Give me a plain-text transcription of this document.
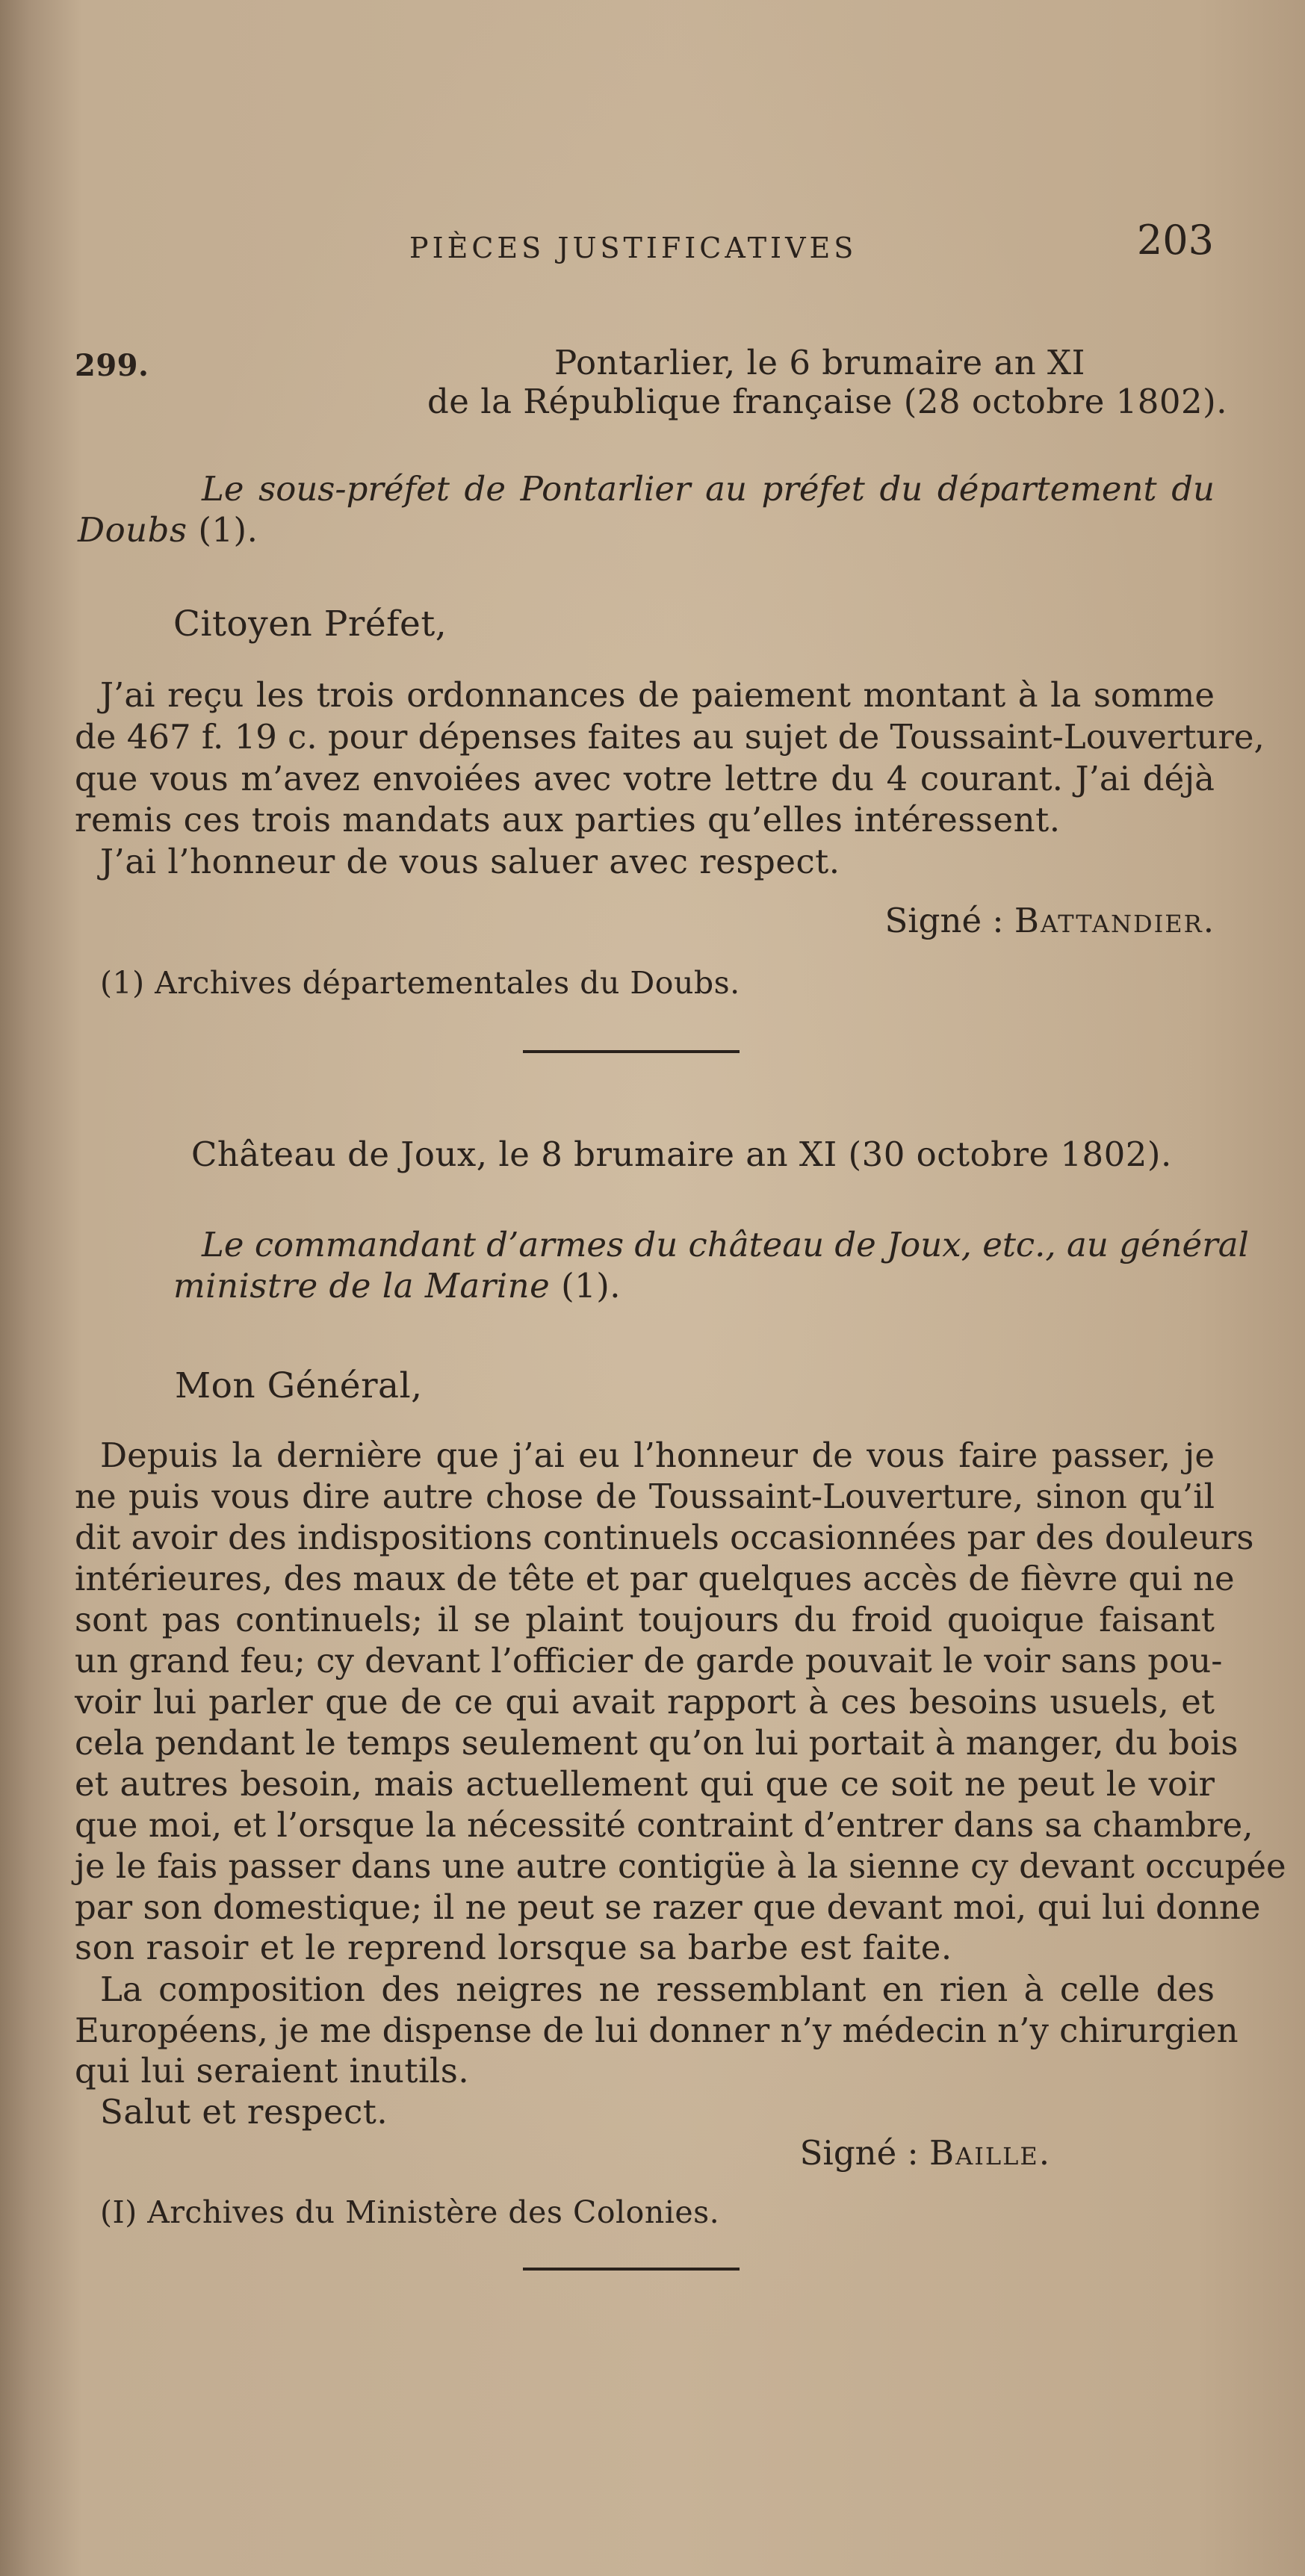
PIÈCES JUSTIFICATIVES	203
299.	Pontarlier, le 6 brumaire an XI
de la République française (28 octobre 1802).
Le sous-préfet de Pontarlier au préfet du département du
Doubs (1).
Citoyen Préfet,
J’ai reçu les trois ordonnances de paiement montant à la somme
de 467 f. 19 c. pour dépenses faites au sujet de Toussaint-Louverture,
que vous m’avez envoiées avec votre lettre du 4 courant. J’ai déjà
remis ces trois mandats aux parties qu’elles intéressent.
J’ai l’honneur de vous saluer avec respect.
Signé : Battandier.
(1) Archives départementales du Doubs.
Château de Joux, le 8 brumaire an XI (30 octobre 1802).
Le commandant d’armes du château de Joux, etc., au général
ministre de la Marine (1).
Mon Général,
Depuis la dernière que j’ai eu l’honneur de vous faire passer, je
ne puis vous dire autre chose de Toussaint-Louverture, sinon qu’il
dit avoir des indispositions continuels occasionnées par des douleurs
intérieures, des maux de tête et par quelques accès de fièvre qui ne
sont pas continuels; il se plaint toujours du froid quoique faisant
un grand feu; cy devant l’officier de garde pouvait le voir sans pou-
voir lui parler que de ce qui avait rapport à ces besoins usuels, et
cela pendant le temps seulement qu’on lui portait à manger, du bois
et autres besoin, mais actuellement qui que ce soit ne peut le voir
que moi, et l’orsque la nécessité contraint d’entrer dans sa chambre,
je le fais passer dans une autre contigüe à la sienne cy devant occupée
par son domestique; il ne peut se razer que devant moi, qui lui donne
son rasoir et le reprend lorsque sa barbe est faite.
La composition des neigres ne ressemblant en rien à celle des
Européens, je me dispense de lui donner n’y médecin n’y chirurgien
qui lui seraient inutils.
Salut et respect.
Signé : Baille.
(I) Archives du Ministère des Colonies.
